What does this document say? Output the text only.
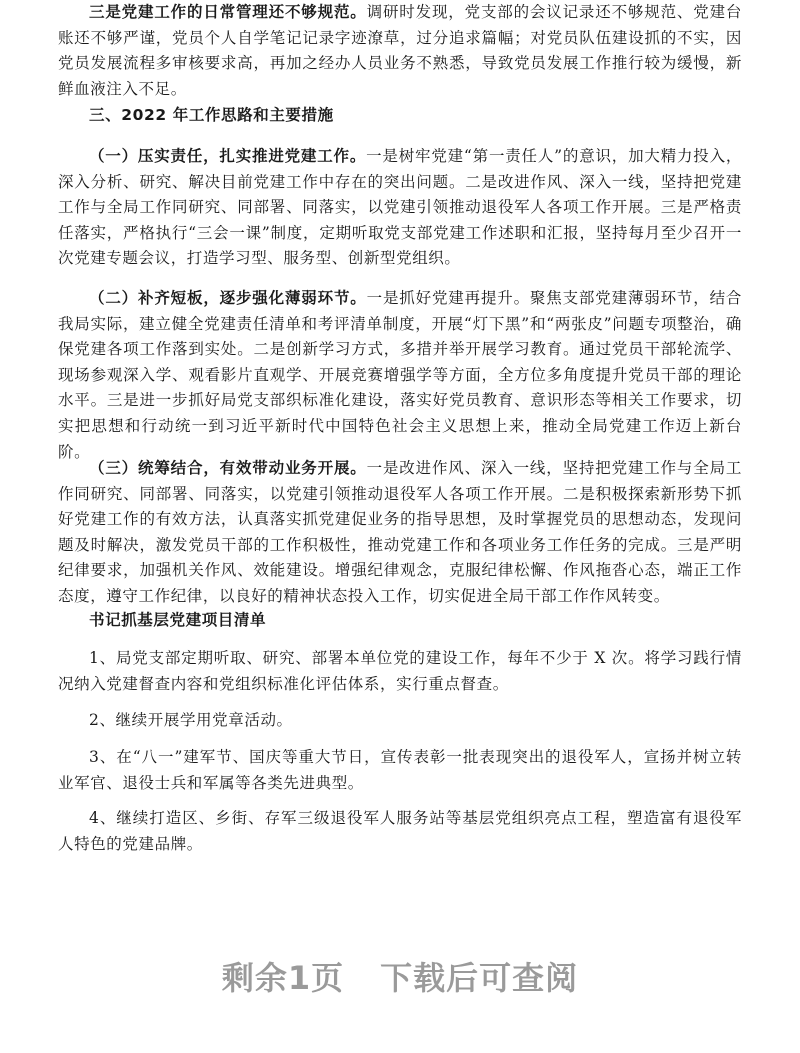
三是党建工作的日常管理还不够规范。调研时发现，党支部的会议记录还不够规范、党建台账还不够严谨，党员个人自学笔记记录字迹潦草，过分追求篇幅；对党员队伍建设抓的不实，因党员发展流程多审核要求高，再加之经办人员业务不熟悉，导致党员发展工作推行较为缓慢，新鲜血液注入不足。

三、2022 年工作思路和主要措施

（一）压实责任，扎实推进党建工作。一是树牢党建“第一责任人”的意识，加大精力投入，深入分析、研究、解决目前党建工作中存在的突出问题。二是改进作风、深入一线，坚持把党建工作与全局工作同研究、同部署、同落实，以党建引领推动退役军人各项工作开展。三是严格责任落实，严格执行“三会一课”制度，定期听取党支部党建工作述职和汇报，坚持每月至少召开一次党建专题会议，打造学习型、服务型、创新型党组织。

（二）补齐短板，逐步强化薄弱环节。一是抓好党建再提升。聚焦支部党建薄弱环节，结合我局实际，建立健全党建责任清单和考评清单制度，开展“灯下黑”和“两张皮”问题专项整治，确保党建各项工作落到实处。二是创新学习方式，多措并举开展学习教育。通过党员干部轮流学、现场参观深入学、观看影片直观学、开展竞赛增强学等方面，全方位多角度提升党员干部的理论水平。三是进一步抓好局党支部织标准化建设，落实好党员教育、意识形态等相关工作要求，切实把思想和行动统一到习近平新时代中国特色社会主义思想上来，推动全局党建工作迈上新台阶。

（三）统筹结合，有效带动业务开展。一是改进作风、深入一线，坚持把党建工作与全局工作同研究、同部署、同落实，以党建引领推动退役军人各项工作开展。二是积极探索新形势下抓好党建工作的有效方法，认真落实抓党建促业务的指导思想，及时掌握党员的思想动态，发现问题及时解决，激发党员干部的工作积极性，推动党建工作和各项业务工作任务的完成。三是严明纪律要求，加强机关作风、效能建设。增强纪律观念，克服纪律松懈、作风拖沓心态，端正工作态度，遵守工作纪律，以良好的精神状态投入工作，切实促进全局干部工作作风转变。

书记抓基层党建项目清单

1、局党支部定期听取、研究、部署本单位党的建设工作，每年不少于 X 次。将学习践行情况纳入党建督查内容和党组织标准化评估体系，实行重点督查。

2、继续开展学用党章活动。

3、在“八一”建军节、国庆等重大节日，宣传表彰一批表现突出的退役军人，宣扬并树立转业军官、退役士兵和军属等各类先进典型。

4、继续打造区、乡街、存军三级退役军人服务站等基层党组织亮点工程，塑造富有退役军人特色的党建品牌。

剩余1页 下载后可查阅
